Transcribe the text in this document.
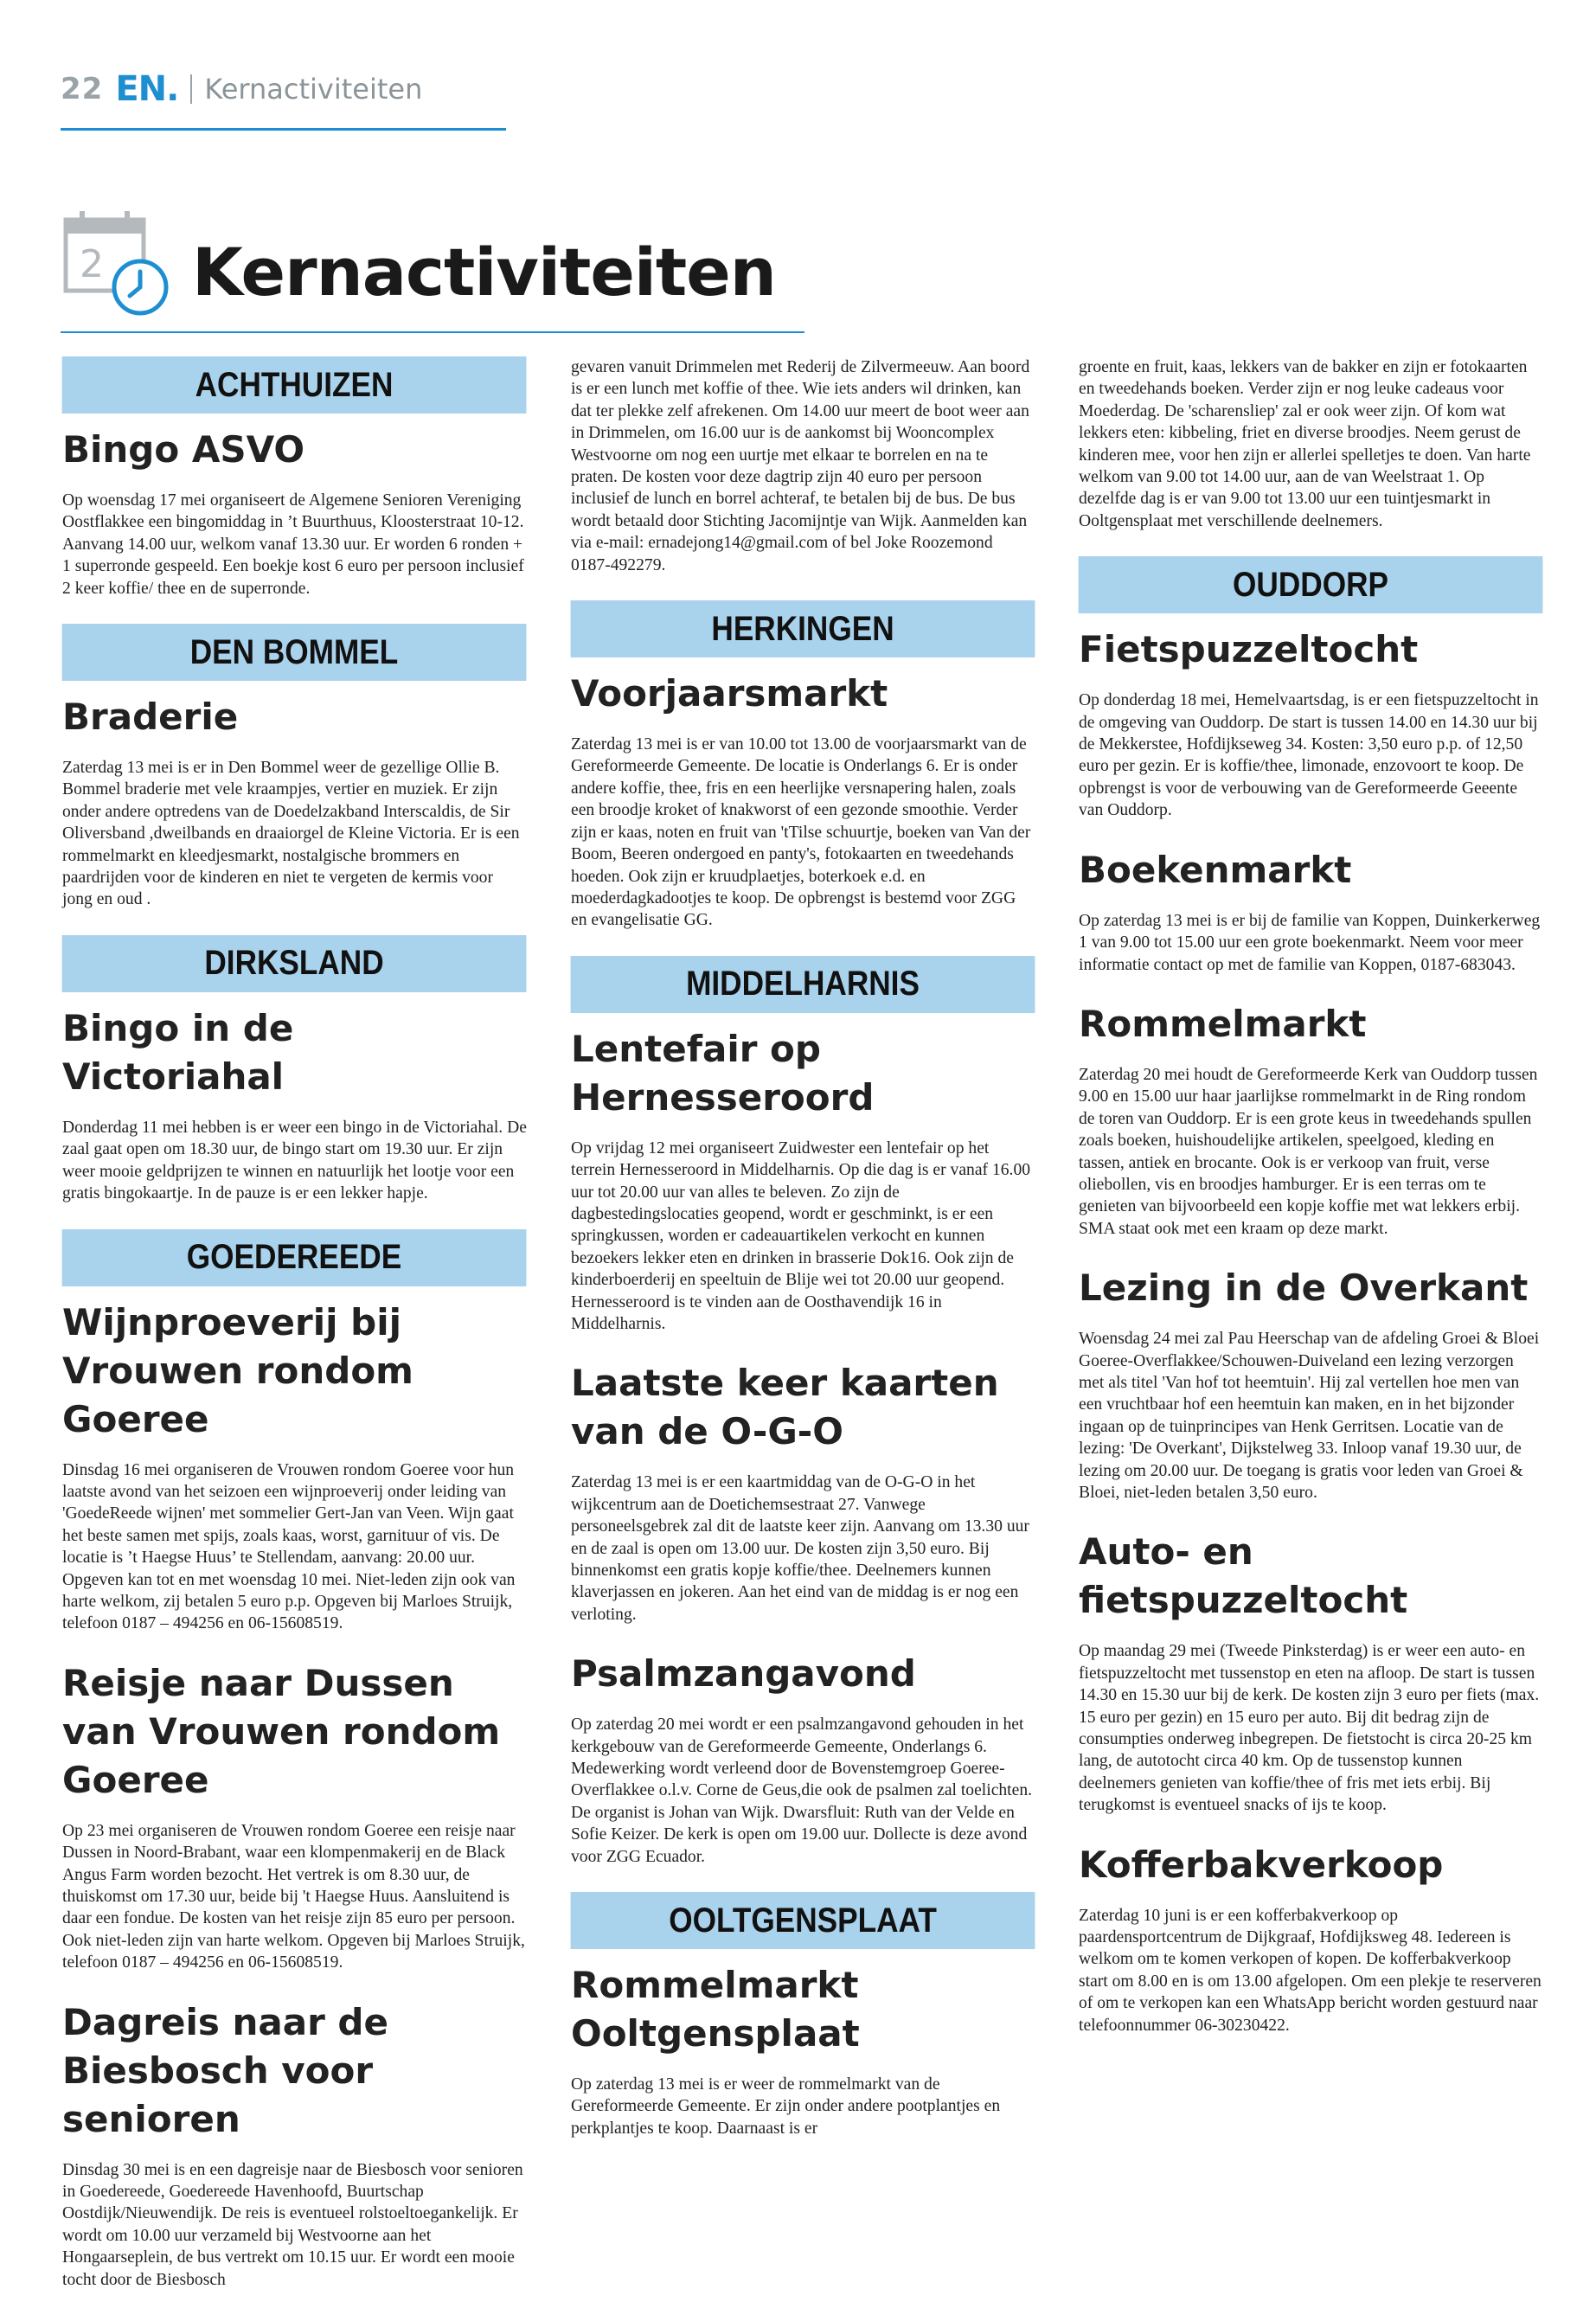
22 EN. Kernactiviteiten
2 Kernactiviteiten
ACHTHUIZEN
Bingo ASVO

Op woensdag 17 mei organiseert de Algemene Senioren Vereniging Oostflakkee een bingomiddag in ’t Buurthuus, Kloosterstraat 10-12. Aanvang 14.00 uur, welkom vanaf 13.30 uur. Er worden 6 ronden + 1 superronde gespeeld. Een boekje kost 6 euro per persoon inclusief 2 keer koffie/ thee en de superronde.

DEN BOMMEL
Braderie

Zaterdag 13 mei is er in Den Bommel weer de gezellige Ollie B. Bommel braderie met vele kraampjes, vertier en muziek. Er zijn onder andere optredens van de Doedelzakband Interscaldis, de Sir Oliversband ,dweilbands en draaiorgel de Kleine Victoria. Er is een rommelmarkt en kleedjesmarkt, nostalgische brommers en paardrijden voor de kinderen en niet te vergeten de kermis voor jong en oud .

DIRKSLAND
Bingo in de Victoriahal

Donderdag 11 mei hebben is er weer een bingo in de Victoriahal. De zaal gaat open om 18.30 uur, de bingo start om 19.30 uur. Er zijn weer mooie geldprijzen te winnen en natuurlijk het lootje voor een gratis bingokaartje. In de pauze is er een lekker hapje.

GOEDEREEDE
Wijnproeverij bij Vrouwen rondom Goeree

Dinsdag 16 mei organiseren de Vrouwen rondom Goeree voor hun laatste avond van het seizoen een wijnproeverij onder leiding van 'GoedeReede wijnen' met sommelier Gert-Jan van Veen. Wijn gaat het beste samen met spijs, zoals kaas, worst, garnituur of vis. De locatie is ’t Haegse Huus’ te Stellendam, aanvang: 20.00 uur. Opgeven kan tot en met woensdag 10 mei. Niet-leden zijn ook van harte welkom, zij betalen 5 euro p.p. Opgeven bij Marloes Struijk, telefoon 0187 – 494256 en 06-15608519.

Reisje naar Dussen van Vrouwen rondom Goeree

Op 23 mei organiseren de Vrouwen rondom Goeree een reisje naar Dussen in Noord-Brabant, waar een klompenmakerij en de Black Angus Farm worden bezocht. Het vertrek is om 8.30 uur, de thuiskomst om 17.30 uur, beide bij 't Haegse Huus. Aansluitend is daar een fondue. De kosten van het reisje zijn 85 euro per persoon. Ook niet-leden zijn van harte welkom. Opgeven bij Marloes Struijk, telefoon 0187 – 494256 en 06-15608519.

Dagreis naar de Biesbosch voor senioren

Dinsdag 30 mei is en een dagreisje naar de Biesbosch voor senioren in Goedereede, Goedereede Havenhoofd, Buurtschap Oostdijk/Nieuwendijk. De reis is eventueel rolstoeltoegankelijk. Er wordt om 10.00 uur verzameld bij Westvoorne aan het Hongaarseplein, de bus vertrekt om 10.15 uur. Er wordt een mooie tocht door de Biesbosch

gevaren vanuit Drimmelen met Rederij de Zilvermeeuw. Aan boord is er een lunch met koffie of thee. Wie iets anders wil drinken, kan dat ter plekke zelf afrekenen. Om 14.00 uur meert de boot weer aan in Drimmelen, om 16.00 uur is de aankomst bij Wooncomplex Westvoorne om nog een uurtje met elkaar te borrelen en na te praten. De kosten voor deze dagtrip zijn 40 euro per persoon inclusief de lunch en borrel achteraf, te betalen bij de bus. De bus wordt betaald door Stichting Jacomijntje van Wijk. Aanmelden kan via e-mail: ernadejong14@gmail.com of bel Joke Roozemond 0187-492279.

HERKINGEN
Voorjaarsmarkt

Zaterdag 13 mei is er van 10.00 tot 13.00 de voorjaarsmarkt van de Gereformeerde Gemeente. De locatie is Onderlangs 6. Er is onder andere koffie, thee, fris en een heerlijke versnapering halen, zoals een broodje kroket of knakworst of een gezonde smoothie. Verder zijn er kaas, noten en fruit van 'tTilse schuurtje, boeken van Van der Boom, Beeren ondergoed en panty's, fotokaarten en tweedehands hoeden. Ook zijn er kruudplaetjes, boterkoek e.d. en moederdagkadootjes te koop. De opbrengst is bestemd voor ZGG en evangelisatie GG.

MIDDELHARNIS
Lentefair op Hernesseroord

Op vrijdag 12 mei organiseert Zuidwester een lentefair op het terrein Hernesseroord in Middelharnis. Op die dag is er vanaf 16.00 uur tot 20.00 uur van alles te beleven. Zo zijn de dagbestedingslocaties geopend, wordt er geschminkt, is er een springkussen, worden er cadeauartikelen verkocht en kunnen bezoekers lekker eten en drinken in brasserie Dok16. Ook zijn de kinderboerderij en speeltuin de Blije wei tot 20.00 uur geopend. Hernesseroord is te vinden aan de Oosthavendijk 16 in Middelharnis.

Laatste keer kaarten van de O-G-O

Zaterdag 13 mei is er een kaartmiddag van de O-G-O in het wijkcentrum aan de Doetichemsestraat 27. Vanwege personeelsgebrek zal dit de laatste keer zijn. Aanvang om 13.30 uur en de zaal is open om 13.00 uur. De kosten zijn 3,50 euro. Bij binnenkomst een gratis kopje koffie/thee. Deelnemers kunnen klaverjassen en jokeren. Aan het eind van de middag is er nog een verloting.

Psalmzangavond

Op zaterdag 20 mei wordt er een psalmzangavond gehouden in het kerkgebouw van de Gereformeerde Gemeente, Onderlangs 6. Medewerking wordt verleend door de Bovenstemgroep Goeree-Overflakkee o.l.v. Corne de Geus,die ook de psalmen zal toelichten. De organist is Johan van Wijk. Dwarsfluit: Ruth van der Velde en Sofie Keizer. De kerk is open om 19.00 uur. Dollecte is deze avond voor ZGG Ecuador.

OOLTGENSPLAAT
Rommelmarkt Ooltgensplaat

Op zaterdag 13 mei is er weer de rommelmarkt van de Gereformeerde Gemeente. Er zijn onder andere pootplantjes en perkplantjes te koop. Daarnaast is er

groente en fruit, kaas, lekkers van de bakker en zijn er fotokaarten en tweedehands boeken. Verder zijn er nog leuke cadeaus voor Moederdag. De 'scharensliep' zal er ook weer zijn. Of kom wat lekkers eten: kibbeling, friet en diverse broodjes. Neem gerust de kinderen mee, voor hen zijn er allerlei spelletjes te doen. Van harte welkom van 9.00 tot 14.00 uur, aan de van Weelstraat 1. Op dezelfde dag is er van 9.00 tot 13.00 uur een tuintjesmarkt in Ooltgensplaat met verschillende deelnemers.

OUDDORP
Fietspuzzeltocht

Op donderdag 18 mei, Hemelvaartsdag, is er een fietspuzzeltocht in de omgeving van Ouddorp. De start is tussen 14.00 en 14.30 uur bij de Mekkerstee, Hofdijkseweg 34. Kosten: 3,50 euro p.p. of 12,50 euro per gezin. Er is koffie/thee, limonade, enzovoort te koop. De opbrengst is voor de verbouwing van de Gereformeerde Geeente van Ouddorp.

Boekenmarkt

Op zaterdag 13 mei is er bij de familie van Koppen, Duinkerkerweg 1 van 9.00 tot 15.00 uur een grote boekenmarkt. Neem voor meer informatie contact op met de familie van Koppen, 0187-683043.

Rommelmarkt

Zaterdag 20 mei houdt de Gereformeerde Kerk van Ouddorp tussen 9.00 en 15.00 uur haar jaarlijkse rommelmarkt in de Ring rondom de toren van Ouddorp. Er is een grote keus in tweedehands spullen zoals boeken, huishoudelijke artikelen, speelgoed, kleding en tassen, antiek en brocante. Ook is er verkoop van fruit, verse oliebollen, vis en broodjes hamburger. Er is een terras om te genieten van bijvoorbeeld een kopje koffie met wat lekkers erbij. SMA staat ook met een kraam op deze markt.

Lezing in de Overkant

Woensdag 24 mei zal Pau Heerschap van de afdeling Groei & Bloei Goeree-Overflakkee/Schouwen-Duiveland een lezing verzorgen met als titel 'Van hof tot heemtuin'. Hij zal vertellen hoe men van een vruchtbaar hof een heemtuin kan maken, en in het bijzonder ingaan op de tuinprincipes van Henk Gerritsen. Locatie van de lezing: 'De Overkant', Dijkstelweg 33. Inloop vanaf 19.30 uur, de lezing om 20.00 uur. De toegang is gratis voor leden van Groei & Bloei, niet-leden betalen 3,50 euro.

Auto- en fietspuzzeltocht

Op maandag 29 mei (Tweede Pinksterdag) is er weer een auto- en fietspuzzeltocht met tussenstop en eten na afloop. De start is tussen 14.30 en 15.30 uur bij de kerk. De kosten zijn 3 euro per fiets (max. 15 euro per gezin) en 15 euro per auto. Bij dit bedrag zijn de consumpties onderweg inbegrepen. De fietstocht is circa 20-25 km lang, de autotocht circa 40 km. Op de tussenstop kunnen deelnemers genieten van koffie/thee of fris met iets erbij. Bij terugkomst is eventueel snacks of ijs te koop.

Kofferbakverkoop

Zaterdag 10 juni is er een kofferbakverkoop op paardensportcentrum de Dijkgraaf, Hofdijksweg 48. Iedereen is welkom om te komen verkopen of kopen. De kofferbakverkoop start om 8.00 en is om 13.00 afgelopen. Om een plekje te reserveren of om te verkopen kan een WhatsApp bericht worden gestuurd naar telefoonnummer 06-30230422.
